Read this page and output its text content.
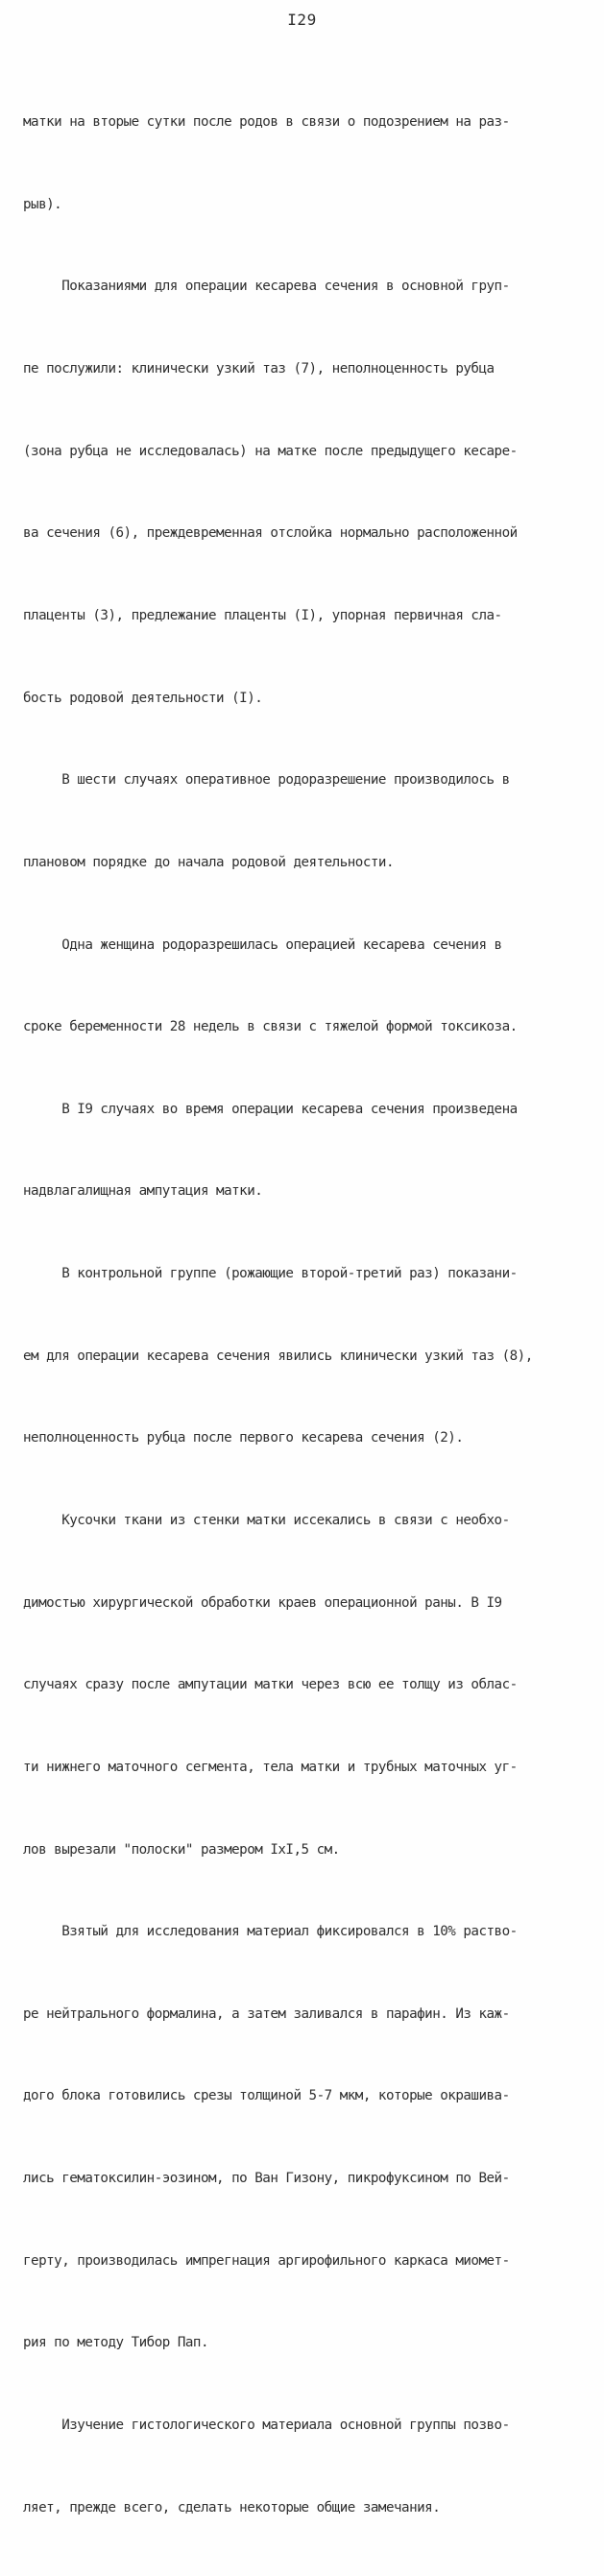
I29

матки на вторые сутки после родов в связи о подозрением на раз-

рыв).

Показаниями для операции кесарева сечения в основной груп-

пе послужили: клинически узкий таз (7), неполноценность рубца

(зона рубца не исследовалась) на матке после предыдущего кесаре-

ва сечения (6), преждевременная отслойка нормально расположенной

плаценты (3), предлежание плаценты (I), упорная первичная сла-

бость родовой деятельности (I).

В шести случаях оперативное родоразрешение производилось в

плановом порядке до начала родовой деятельности.

Одна женщина родоразрешилась операцией кесарева сечения в

сроке беременности 28 недель в связи с тяжелой формой токсикоза.

В I9 случаях во время операции кесарева сечения произведена

надвлагалищная ампутация матки.

В контрольной группе (рожающие второй-третий раз) показани-

ем для операции кесарева сечения явились клинически узкий таз (8),

неполноценность рубца после первого кесарева сечения (2).

Кусочки ткани из стенки матки иссекались в связи с необхо-

димостью хирургической обработки краев операционной раны. В I9

случаях сразу после ампутации матки через всю ее толщу из облас-

ти нижнего маточного сегмента, тела матки и трубных маточных уг-

лов вырезали "полоски" размером IxI,5 см.

Взятый для исследования материал фиксировался в 10% раство-

ре нейтрального формалина, а затем заливался в парафин. Из каж-

дого блока готовились срезы толщиной 5-7 мкм, которые окрашива-

лись гематоксилин-эозином, по Ван Гизону, пикрофуксином по Вей-

герту, производилась импрегнация аргирофильного каркаса миомет-

рия по методу Тибор Пап.

Изучение гистологического материала основной группы позво-

ляет, прежде всего, сделать некоторые общие замечания.
